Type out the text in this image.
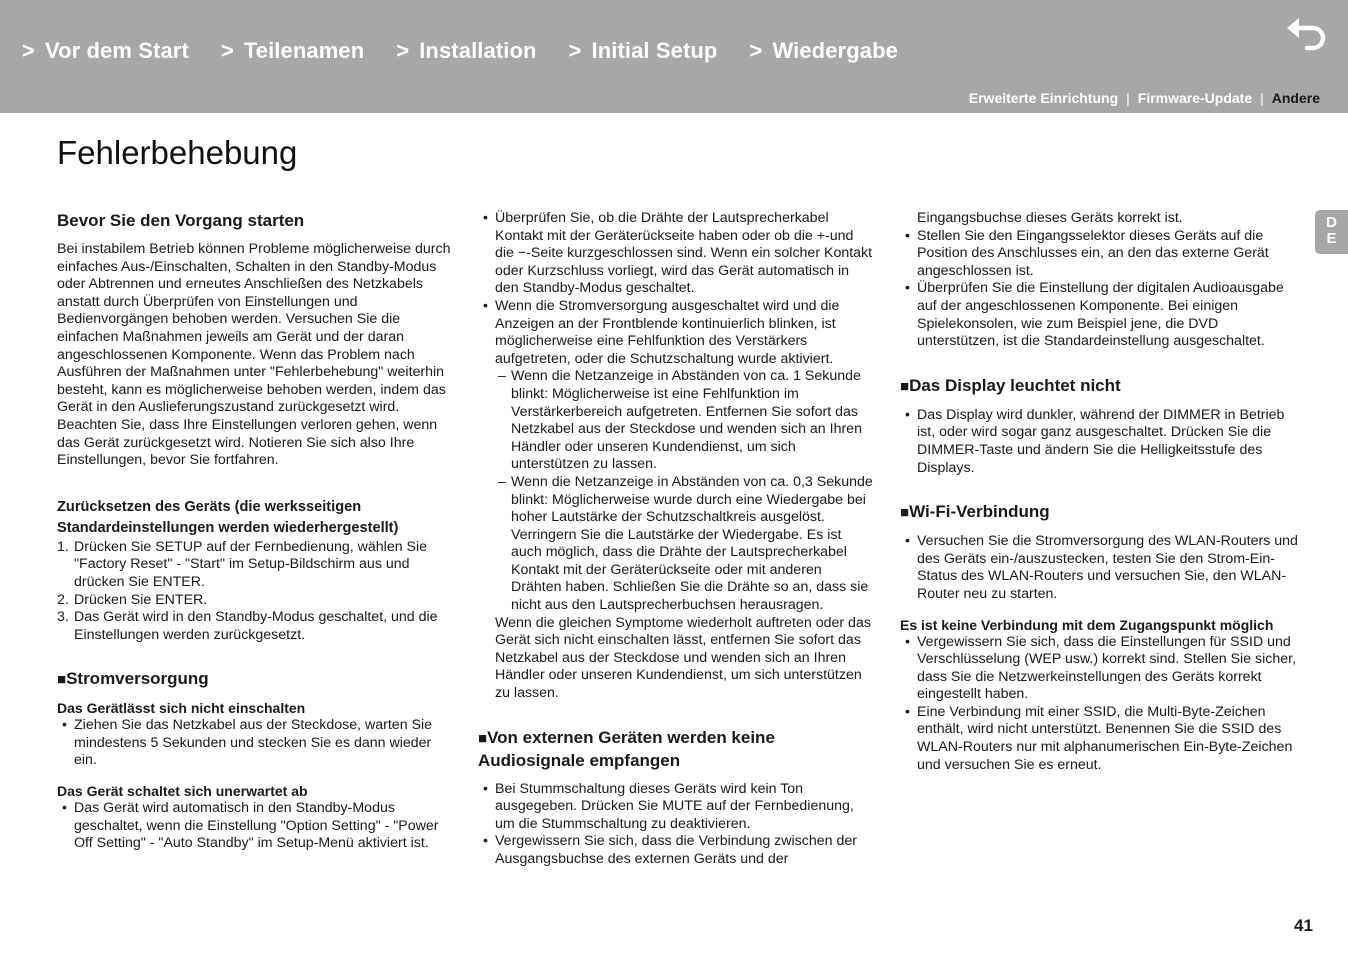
> Vor dem Start > Teilenamen > Installation > Initial Setup > Wiedergabe
Erweiterte Einrichtung | Firmware-Update | Andere
Fehlerbehebung
D
E
Bevor Sie den Vorgang starten

Bei instabilem Betrieb können Probleme möglicherweise durch einfaches Aus-/Einschalten, Schalten in den Standby-Modus oder Abtrennen und erneutes Anschließen des Netzkabels anstatt durch Überprüfen von Einstellungen und Bedienvorgängen behoben werden. Versuchen Sie die einfachen Maßnahmen jeweils am Gerät und der daran angeschlossenen Komponente. Wenn das Problem nach Ausführen der Maßnahmen unter "Fehlerbehebung" weiterhin besteht, kann es möglicherweise behoben werden, indem das Gerät in den Auslieferungszustand zurückgesetzt wird. Beachten Sie, dass Ihre Einstellungen verloren gehen, wenn das Gerät zurückgesetzt wird. Notieren Sie sich also Ihre Einstellungen, bevor Sie fortfahren.

Zurücksetzen des Geräts (die werksseitigen Standardeinstellungen werden wiederhergestellt)
1. Drücken Sie SETUP auf der Fernbedienung, wählen Sie "Factory Reset" - "Start" im Setup-Bildschirm aus und drücken Sie ENTER.
2. Drücken Sie ENTER.
3. Das Gerät wird in den Standby-Modus geschaltet, und die Einstellungen werden zurückgesetzt.
■Stromversorgung
Das Gerätlässt sich nicht einschalten
• Ziehen Sie das Netzkabel aus der Steckdose, warten Sie mindestens 5 Sekunden und stecken Sie es dann wieder ein.
Das Gerät schaltet sich unerwartet ab
• Das Gerät wird automatisch in den Standby-Modus geschaltet, wenn die Einstellung "Option Setting" - "Power Off Setting" - "Auto Standby" im Setup-Menü aktiviert ist.
• Überprüfen Sie, ob die Drähte der Lautsprecherkabel Kontakt mit der Geräterückseite haben oder ob die +-und die −-Seite kurzgeschlossen sind. Wenn ein solcher Kontakt oder Kurzschluss vorliegt, wird das Gerät automatisch in den Standby-Modus geschaltet.
• Wenn die Stromversorgung ausgeschaltet wird und die Anzeigen an der Frontblende kontinuierlich blinken, ist möglicherweise eine Fehlfunktion des Verstärkers aufgetreten, oder die Schutzschaltung wurde aktiviert.
– Wenn die Netzanzeige in Abständen von ca. 1 Sekunde blinkt: Möglicherweise ist eine Fehlfunktion im Verstärkerbereich aufgetreten. Entfernen Sie sofort das Netzkabel aus der Steckdose und wenden sich an Ihren Händler oder unseren Kundendienst, um sich unterstützen zu lassen.
– Wenn die Netzanzeige in Abständen von ca. 0,3 Sekunde blinkt: Möglicherweise wurde durch eine Wiedergabe bei hoher Lautstärke der Schutzschaltkreis ausgelöst. Verringern Sie die Lautstärke der Wiedergabe. Es ist auch möglich, dass die Drähte der Lautsprecherkabel Kontakt mit der Geräterückseite oder mit anderen Drähten haben. Schließen Sie die Drähte so an, dass sie nicht aus den Lautsprecherbuchsen herausragen.

Wenn die gleichen Symptome wiederholt auftreten oder das Gerät sich nicht einschalten lässt, entfernen Sie sofort das Netzkabel aus der Steckdose und wenden sich an Ihren Händler oder unseren Kundendienst, um sich unterstützen zu lassen.

■Von externen Geräten werden keine Audiosignale empfangen
• Bei Stummschaltung dieses Geräts wird kein Ton ausgegeben. Drücken Sie MUTE auf der Fernbedienung, um die Stummschaltung zu deaktivieren.
• Vergewissern Sie sich, dass die Verbindung zwischen der Ausgangsbuchse des externen Geräts und der

Eingangsbuchse dieses Geräts korrekt ist.

• Stellen Sie den Eingangsselektor dieses Geräts auf die Position des Anschlusses ein, an den das externe Gerät angeschlossen ist.
• Überprüfen Sie die Einstellung der digitalen Audioausgabe auf der angeschlossenen Komponente. Bei einigen Spielekonsolen, wie zum Beispiel jene, die DVD unterstützen, ist die Standardeinstellung ausgeschaltet.
■Das Display leuchtet nicht
• Das Display wird dunkler, während der DIMMER in Betrieb ist, oder wird sogar ganz ausgeschaltet. Drücken Sie die DIMMER-Taste und ändern Sie die Helligkeitsstufe des Displays.
■Wi-Fi-Verbindung
• Versuchen Sie die Stromversorgung des WLAN-Routers und des Geräts ein-/auszustecken, testen Sie den Strom-Ein-Status des WLAN-Routers und versuchen Sie, den WLAN-Router neu zu starten.
Es ist keine Verbindung mit dem Zugangspunkt möglich
• Vergewissern Sie sich, dass die Einstellungen für SSID und Verschlüsselung (WEP usw.) korrekt sind. Stellen Sie sicher, dass Sie die Netzwerkeinstellungen des Geräts korrekt eingestellt haben.
• Eine Verbindung mit einer SSID, die Multi-Byte-Zeichen enthält, wird nicht unterstützt. Benennen Sie die SSID des WLAN-Routers nur mit alphanumerischen Ein-Byte-Zeichen und versuchen Sie es erneut.
41
